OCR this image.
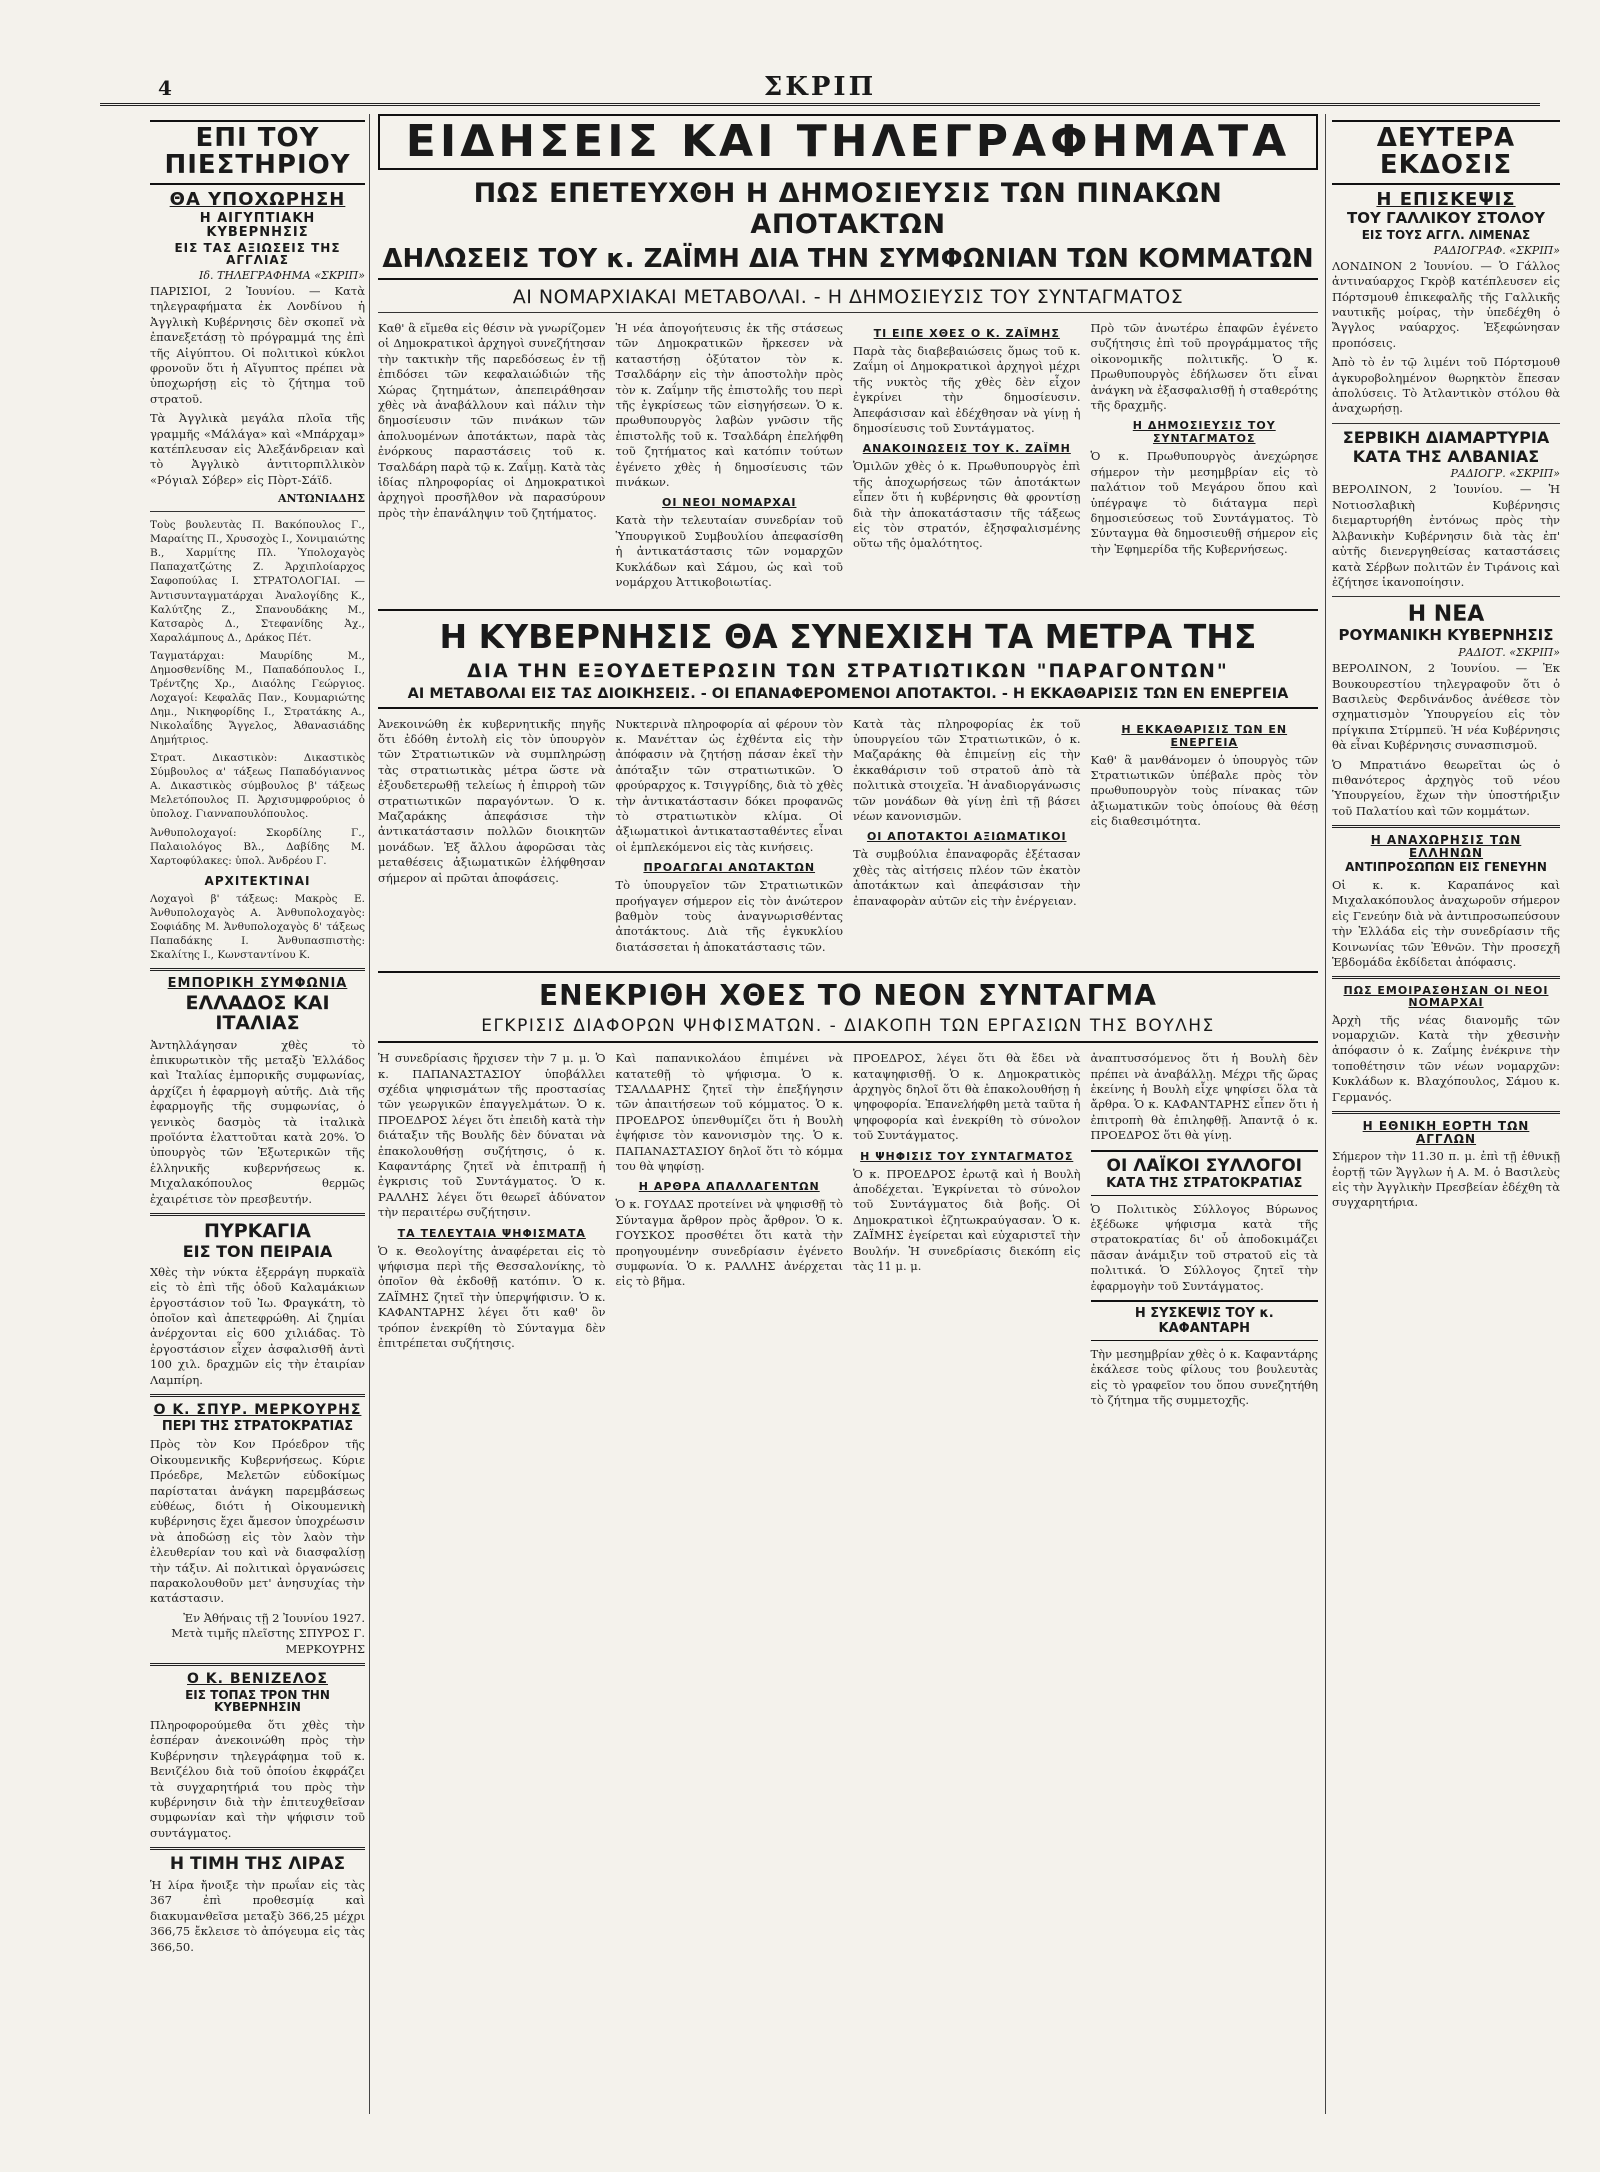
4	ΣΚΡΙΠ
ΕΠΙ ΤΟΥ ΠΙΕΣΤΗΡΙΟΥ
ΘΑ ΥΠΟΧΩΡΗΣΗ
Η ΑΙΓΥΠΤΙΑΚΗ ΚΥΒΕΡΝΗΣΙΣ
ΕΙΣ ΤΑΣ ΑΞΙΩΣΕΙΣ ΤΗΣ ΑΓΓΛΙΑΣ
Ιδ. ΤΗΛΕΓΡΑΦΗΜΑ «ΣΚΡΙΠ»

ΠΑΡΙΣΙΟΙ, 2 Ἰουνίου. — Κατὰ τηλεγραφήματα ἐκ Λονδίνου ἡ Ἀγγλικὴ Κυβέρνησις δὲν σκοπεῖ νὰ ἐπανεξετάσῃ τὸ πρόγραμμά της ἐπὶ τῆς Αἰγύπτου. Οἱ πολιτικοὶ κύκλοι φρονοῦν ὅτι ἡ Αἴγυπτος πρέπει νὰ ὑποχωρήσῃ εἰς τὸ ζήτημα τοῦ στρατοῦ.

Τὰ Ἀγγλικὰ μεγάλα πλοῖα τῆς γραμμῆς «Μάλάγα» καὶ «Μπάρχαμ» κατέπλευσαν εἰς Ἀλεξάνδρειαν καὶ τὸ Ἀγγλικὸ ἀντιτορπιλλικὸν «Ρόγιαλ Σόβερ» εἰς Πὸρτ-Σάϊδ.

ΑΝΤΩΝΙΑΔΗΣ

Τοὺς βουλευτὰς Π. Βακόπουλος Γ., Μαραίτης Π., Χρυσοχὸς Ι., Χονιμαιώτης Β., Χαρμίτης Πλ. Ὑπολοχαγὸς Παπαχατζώτης Ζ. Ἀρχιπλοίαρχος Σαφοπούλας Ι. ΣΤΡΑΤΟΛΟΓΙΑΙ. — Ἀντισυνταγματάρχαι Ἀναλογίδης Κ., Καλύτζης Ζ., Σπανουδάκης Μ., Κατσαρὸς Δ., Στεφανίδης Ἀχ., Χαραλάμπους Δ., Δράκος Πέτ.

Ταγματάρχαι: Μαυρίδης Μ., Δημοσθενίδης Μ., Παπαδόπουλος Ι., Τρέντζης Χρ., Διαόλης Γεώργιος. Λοχαγοί: Κεφαλᾶς Παν., Κουμαριώτης Δημ., Νικηφορίδης Ι., Στρατάκης Α., Νικολαΐδης Ἄγγελος, Ἀθανασιάδης Δημήτριος.

Στρατ. Δικαστικὸν: Δικαστικὸς Σύμβουλος α' τάξεως Παπαδόγιαννος Α. Δικαστικὸς σύμβουλος β' τάξεως Μελετόπουλος Π. Ἀρχισυμφρούριος ὁ ὑπολοχ. Γιανναπουλόπουλος.

Ἀνθυπολοχαγοί: Σκορδίλης Γ., Παλαιολόγος Βλ., Δαβίδης Μ. Χαρτοφύλακες: ὑπολ. Ἀνδρέου Γ.

ΑΡΧΙΤΕΚΤΙΝΑΙ

Λοχαγοὶ β' τάξεως: Μακρὸς Ε. Ἀνθυπολοχαγὸς Α. Ἀνθυπολοχαγὸς: Σοφιάδης Μ. Ἀνθυπολοχαγὸς δ' τάξεως Παπαδάκης Ι. Ἀνθυπασπιστὴς: Σκαλίτης Ι., Κωνσταντίνου Κ.

ΕΜΠΟΡΙΚΗ ΣΥΜΦΩΝΙΑ
ΕΛΛΑΔΟΣ ΚΑΙ ΙΤΑΛΙΑΣ

Ἀντηλλάγησαν χθὲς τὸ ἐπικυρωτικὸν τῆς μεταξὺ Ἑλλάδος καὶ Ἰταλίας ἐμπορικῆς συμφωνίας, ἀρχίζει ἡ ἐφαρμογὴ αὐτῆς. Διὰ τῆς ἐφαρμογῆς τῆς συμφωνίας, ὁ γενικὸς δασμὸς τὰ ἰταλικὰ προϊόντα ἐλαττοῦται κατὰ 20%. Ὁ ὑπουργὸς τῶν Ἐξωτερικῶν τῆς ἑλληνικῆς κυβερνήσεως κ. Μιχαλακόπουλος θερμῶς ἐχαιρέτισε τὸν πρεσβευτήν.

ΠΥΡΚΑΓΙΑ
ΕΙΣ ΤΟΝ ΠΕΙΡΑΙΑ

Χθὲς τὴν νύκτα ἐξερράγη πυρκαϊὰ εἰς τὸ ἐπὶ τῆς ὁδοῦ Καλαμάκιων ἐργοστάσιον τοῦ Ἰω. Φραγκάτη, τὸ ὁποῖον καὶ ἀπετεφρώθη. Αἱ ζημίαι ἀνέρχονται εἰς 600 χιλιάδας. Τὸ ἐργοστάσιον εἶχεν ἀσφαλισθῆ ἀντὶ 100 χιλ. δραχμῶν εἰς τὴν ἐταιρίαν Λαμπίρη.

Ο Κ. ΣΠΥΡ. ΜΕΡΚΟΥΡΗΣ
ΠΕΡΙ ΤΗΣ ΣΤΡΑΤΟΚΡΑΤΙΑΣ

Πρὸς τὸν Κον Πρόεδρον τῆς Οἰκουμενικῆς Κυβερνήσεως. Κύριε Πρόεδρε, Μελετῶν εὐδοκίμως παρίσταται ἀνάγκη παρεμβάσεως εὐθέως, διότι ἡ Οἰκουμενικὴ κυβέρνησις ἔχει ἄμεσον ὑποχρέωσιν νὰ ἀποδώσῃ εἰς τὸν λαὸν τὴν ἐλευθερίαν του καὶ νὰ διασφαλίσῃ τὴν τάξιν. Αἱ πολιτικαὶ ὀργανώσεις παρακολουθοῦν μετ' ἀνησυχίας τὴν κατάστασιν.

Ἐν Ἀθήναις τῇ 2 Ἰουνίου 1927. Μετὰ τιμῆς πλεῖστης ΣΠΥΡΟΣ Γ. ΜΕΡΚΟΥΡΗΣ

Ο Κ. ΒΕΝΙΖΕΛΟΣ
ΕΙΣ ΤΟΠΑΣ ΤΡΟΝ ΤΗΝ ΚΥΒΕΡΝΗΣΙΝ

Πληροφορούμεθα ὅτι χθὲς τὴν ἑσπέραν ἀνεκοινώθη πρὸς τὴν Κυβέρνησιν τηλεγράφημα τοῦ κ. Βενιζέλου διὰ τοῦ ὁποίου ἐκφράζει τὰ συγχαρητήριά του πρὸς τὴν κυβέρνησιν διὰ τὴν ἐπιτευχθεῖσαν συμφωνίαν καὶ τὴν ψήφισιν τοῦ συντάγματος.

Η ΤΙΜΗ ΤΗΣ ΛΙΡΑΣ

Ἡ λίρα ἤνοιξε τὴν πρωΐαν εἰς τὰς 367 ἐπὶ προθεσμίᾳ καὶ διακυμανθεῖσα μεταξὺ 366,25 μέχρι 366,75 ἔκλεισε τὸ ἀπόγευμα εἰς τὰς 366,50.

ΕΙΔΗΣΕΙΣ ΚΑΙ ΤΗΛΕΓΡΑΦΗΜΑΤΑ
ΠΩΣ ΕΠΕΤΕΥΧΘΗ Η ΔΗΜΟΣΙΕΥΣΙΣ ΤΩΝ ΠΙΝΑΚΩΝ ΑΠΟΤΑΚΤΩΝ
ΔΗΛΩΣΕΙΣ ΤΟΥ κ. ΖΑΪΜΗ ΔΙΑ ΤΗΝ ΣΥΜΦΩΝΙΑΝ ΤΩΝ ΚΟΜΜΑΤΩΝ
ΑΙ ΝΟΜΑΡΧΙΑΚΑΙ ΜΕΤΑΒΟΛΑΙ. - Η ΔΗΜΟΣΙΕΥΣΙΣ ΤΟΥ ΣΥΝΤΑΓΜΑΤΟΣ

Καθ' ἃ εἴμεθα εἰς θέσιν νὰ γνωρίζομεν οἱ Δημοκρατικοὶ ἀρχηγοὶ συνεζήτησαν τὴν τακτικὴν τῆς παρεδόσεως ἐν τῇ ἐπιδόσει τῶν κεφαλαιώδιών τῆς Χώρας ζητημάτων, ἀπεπειράθησαν χθὲς νὰ ἀναβάλλουν καὶ πάλιν τὴν δημοσίευσιν τῶν πινάκων τῶν ἀπολυομένων ἀποτάκτων, παρὰ τὰς ἐνόρκους παραστάσεις τοῦ κ. Τσαλδάρη παρὰ τῷ κ. Ζαΐμῃ. Κατὰ τὰς ἰδίας πληροφορίας οἱ Δημοκρατικοὶ ἀρχηγοὶ προσῆλθον νὰ παρασύρουν πρὸς τὴν ἐπανάληψιν τοῦ ζητήματος.

Ἡ νέα ἀπογοήτευσις ἐκ τῆς στάσεως τῶν Δημοκρατικῶν ἤρκεσεν νὰ καταστήσῃ ὀξύτατον τὸν κ. Τσαλδάρην εἰς τὴν ἀποστολὴν πρὸς τὸν κ. Ζαΐμην τῆς ἐπιστολῆς του περὶ τῆς ἐγκρίσεως τῶν εἰσηγήσεων. Ὁ κ. πρωθυπουργὸς λαβὼν γνῶσιν τῆς ἐπιστολῆς τοῦ κ. Τσαλδάρη ἐπελήφθη τοῦ ζητήματος καὶ κατόπιν τούτων ἐγένετο χθὲς ἡ δημοσίευσις τῶν πινάκων.

ΟΙ ΝΕΟΙ ΝΟΜΑΡΧΑΙ

Κατὰ τὴν τελευταίαν συνεδρίαν τοῦ Ὑπουργικοῦ Συμβουλίου ἀπεφασίσθη ἡ ἀντικατάστασις τῶν νομαρχῶν Κυκλάδων καὶ Σάμου, ὡς καὶ τοῦ νομάρχου Ἀττικοβοιωτίας.

ΤΙ ΕΙΠΕ ΧΘΕΣ Ο Κ. ΖΑΪΜΗΣ

Παρὰ τὰς διαβεβαιώσεις ὅμως τοῦ κ. Ζαΐμη οἱ Δημοκρατικοὶ ἀρχηγοὶ μέχρι τῆς νυκτὸς τῆς χθὲς δὲν εἶχον ἐγκρίνει τὴν δημοσίευσιν. Ἀπεφάσισαν καὶ ἐδέχθησαν νὰ γίνῃ ἡ δημοσίευσις τοῦ Συντάγματος.

ΑΝΑΚΟΙΝΩΣΕΙΣ ΤΟΥ Κ. ΖΑΪΜΗ

Ὁμιλῶν χθὲς ὁ κ. Πρωθυπουργὸς ἐπὶ τῆς ἀποχωρήσεως τῶν ἀποτάκτων εἶπεν ὅτι ἡ κυβέρνησις θὰ φροντίσῃ διὰ τὴν ἀποκατάστασιν τῆς τάξεως εἰς τὸν στρατόν, ἐξησφαλισμένης οὕτω τῆς ὁμαλότητος.

Πρὸ τῶν ἀνωτέρω ἐπαφῶν ἐγένετο συζήτησις ἐπὶ τοῦ προγράμματος τῆς οἰκονομικῆς πολιτικῆς. Ὁ κ. Πρωθυπουργὸς ἐδήλωσεν ὅτι εἶναι ἀνάγκη νὰ ἐξασφαλισθῇ ἡ σταθερότης τῆς δραχμῆς.

Η ΔΗΜΟΣΙΕΥΣΙΣ ΤΟΥ ΣΥΝΤΑΓΜΑΤΟΣ

Ὁ κ. Πρωθυπουργὸς ἀνεχώρησε σήμερον τὴν μεσημβρίαν εἰς τὸ παλάτιον τοῦ Μεγάρου ὅπου καὶ ὑπέγραψε τὸ διάταγμα περὶ δημοσιεύσεως τοῦ Συντάγματος. Τὸ Σύνταγμα θὰ δημοσιευθῇ σήμερον εἰς τὴν Ἐφημερίδα τῆς Κυβερνήσεως.

Η ΚΥΒΕΡΝΗΣΙΣ ΘΑ ΣΥΝΕΧΙΣΗ ΤΑ ΜΕΤΡΑ ΤΗΣ
ΔΙΑ ΤΗΝ ΕΞΟΥΔΕΤΕΡΩΣΙΝ ΤΩΝ ΣΤΡΑΤΙΩΤΙΚΩΝ "ΠΑΡΑΓΟΝΤΩΝ"
ΑΙ ΜΕΤΑΒΟΛΑΙ ΕΙΣ ΤΑΣ ΔΙΟΙΚΗΣΕΙΣ. - ΟΙ ΕΠΑΝΑΦΕΡΟΜΕΝΟΙ ΑΠΟΤΑΚΤΟΙ. - Η ΕΚΚΑΘΑΡΙΣΙΣ ΤΩΝ ΕΝ ΕΝΕΡΓΕΙΑ

Ἀνεκοινώθη ἐκ κυβερνητικῆς πηγῆς ὅτι ἐδόθη ἐντολὴ εἰς τὸν ὑπουργὸν τῶν Στρατιωτικῶν νὰ συμπληρώσῃ τὰς στρατιωτικὰς μέτρα ὥστε νὰ ἐξουδετερωθῇ τελείως ἡ ἐπιρροὴ τῶν στρατιωτικῶν παραγόντων. Ὁ κ. Μαζαράκης ἀπεφάσισε τὴν ἀντικατάστασιν πολλῶν διοικητῶν μονάδων. Ἐξ ἄλλου ἀφορῶσαι τὰς μεταθέσεις ἀξιωματικῶν ἐλήφθησαν σήμερον αἱ πρῶται ἀποφάσεις.

Νυκτερινὰ πληροφορία αἱ φέρουν τὸν κ. Μανέτταν ὡς ἐχθέντα εἰς τὴν ἀπόφασιν νὰ ζητήσῃ πάσαν ἐκεῖ τὴν ἀπόταξιν τῶν στρατιωτικῶν. Ὁ φρούραρχος κ. Τσιγγρίδης, διὰ τὸ χθὲς τὴν ἀντικατάστασιν δόκει προφανῶς τὸ στρατιωτικὸν κλίμα. Οἱ ἀξιωματικοὶ ἀντικατασταθέντες εἶναι οἱ ἐμπλεκόμενοι εἰς τὰς κινήσεις.

ΠΡΟΑΓΩΓΑΙ ΑΝΩΤΑΚΤΩΝ

Τὸ ὑπουργεῖον τῶν Στρατιωτικῶν προήγαγεν σήμερον εἰς τὸν ἀνώτερον βαθμὸν τοὺς ἀναγνωρισθέντας ἀποτάκτους. Διὰ τῆς ἐγκυκλίου διατάσσεται ἡ ἀποκατάστασις τῶν.

Κατὰ τὰς πληροφορίας ἐκ τοῦ ὑπουργείου τῶν Στρατιωτικῶν, ὁ κ. Μαζαράκης θὰ ἐπιμείνῃ εἰς τὴν ἐκκαθάρισιν τοῦ στρατοῦ ἀπὸ τὰ πολιτικὰ στοιχεῖα. Ἡ ἀναδιοργάνωσις τῶν μονάδων θὰ γίνῃ ἐπὶ τῇ βάσει νέων κανονισμῶν.

ΟΙ ΑΠΟΤΑΚΤΟΙ ΑΞΙΩΜΑΤΙΚΟΙ

Τὰ συμβούλια ἐπαναφορᾶς ἐξέτασαν χθὲς τὰς αἰτήσεις πλέον τῶν ἑκατὸν ἀποτάκτων καὶ ἀπεφάσισαν τὴν ἐπαναφορὰν αὐτῶν εἰς τὴν ἐνέργειαν.

Η ΕΚΚΑΘΑΡΙΣΙΣ ΤΩΝ ΕΝ ΕΝΕΡΓΕΙΑ

Καθ' ἃ μανθάνομεν ὁ ὑπουργὸς τῶν Στρατιωτικῶν ὑπέβαλε πρὸς τὸν πρωθυπουργὸν τοὺς πίνακας τῶν ἀξιωματικῶν τοὺς ὁποίους θὰ θέσῃ εἰς διαθεσιμότητα.

ΕΝΕΚΡΙΘΗ ΧΘΕΣ ΤΟ ΝΕΟΝ ΣΥΝΤΑΓΜΑ
ΕΓΚΡΙΣΙΣ ΔΙΑΦΟΡΩΝ ΨΗΦΙΣΜΑΤΩΝ. - ΔΙΑΚΟΠΗ ΤΩΝ ΕΡΓΑΣΙΩΝ ΤΗΣ ΒΟΥΛΗΣ

Ἡ συνεδρίασις ἤρχισεν τὴν 7 μ. μ. Ὁ κ. ΠΑΠΑΝΑΣΤΑΣΙΟΥ ὑποβάλλει σχέδια ψηφισμάτων τῆς προστασίας τῶν γεωργικῶν ἐπαγγελμάτων. Ὁ κ. ΠΡΟΕΔΡΟΣ λέγει ὅτι ἐπειδὴ κατὰ τὴν διάταξιν τῆς Βουλῆς δὲν δύναται νὰ ἐπακολουθήσῃ συζήτησις, ὁ κ. Καφαντάρης ζητεῖ νὰ ἐπιτραπῇ ἡ ἐγκρισις τοῦ Συντάγματος. Ὁ κ. ΡΑΛΛΗΣ λέγει ὅτι θεωρεῖ ἀδύνατον τὴν περαιτέρω συζήτησιν.

ΤΑ ΤΕΛΕΥΤΑΙΑ ΨΗΦΙΣΜΑΤΑ

Ὁ κ. Θεολογίτης ἀναφέρεται εἰς τὸ ψήφισμα περὶ τῆς Θεσσαλονίκης, τὸ ὁποῖον θὰ ἐκδοθῇ κατόπιν. Ὁ κ. ΖΑΪΜΗΣ ζητεῖ τὴν ὑπερψήφισιν. Ὁ κ. ΚΑΦΑΝΤΑΡΗΣ λέγει ὅτι καθ' ὃν τρόπον ἐνεκρίθη τὸ Σύνταγμα δὲν ἐπιτρέπεται συζήτησις.

Καὶ παπανικολάου ἐπιμένει νὰ κατατεθῇ τὸ ψήφισμα. Ὁ κ. ΤΣΑΛΔΑΡΗΣ ζητεῖ τὴν ἐπεξήγησιν τῶν ἀπαιτήσεων τοῦ κόμματος. Ὁ κ. ΠΡΟΕΔΡΟΣ ὑπενθυμίζει ὅτι ἡ Βουλὴ ἐψήφισε τὸν κανονισμὸν της. Ὁ κ. ΠΑΠΑΝΑΣΤΑΣΙΟΥ δηλοῖ ὅτι τὸ κόμμα του θὰ ψηφίσῃ.

Η ΑΡΘΡΑ ΑΠΑΛΛΑΓΕΝΤΩΝ

Ὁ κ. ΓΟΥΔΑΣ προτείνει νὰ ψηφισθῇ τὸ Σύνταγμα ἄρθρον πρὸς ἄρθρον. Ὁ κ. ΓΟΥΣΚΟΣ προσθέτει ὅτι κατὰ τὴν προηγουμένην συνεδρίασιν ἐγένετο συμφωνία. Ὁ κ. ΡΑΛΛΗΣ ἀνέρχεται εἰς τὸ βῆμα.

ΠΡΟΕΔΡΟΣ, λέγει ὅτι θὰ ἔδει νὰ καταψηφισθῇ. Ὁ κ. Δημοκρατικὸς ἀρχηγὸς δηλοῖ ὅτι θὰ ἐπακολουθήσῃ ἡ ψηφοφορία. Ἐπανελήφθη μετὰ ταῦτα ἡ ψηφοφορία καὶ ἐνεκρίθη τὸ σύνολον τοῦ Συντάγματος.

Η ΨΗΦΙΣΙΣ ΤΟΥ ΣΥΝΤΑΓΜΑΤΟΣ

Ὁ κ. ΠΡΟΕΔΡΟΣ ἐρωτᾷ καὶ ἡ Βουλὴ ἀποδέχεται. Ἐγκρίνεται τὸ σύνολον τοῦ Συντάγματος διὰ βοῆς. Οἱ Δημοκρατικοὶ ἐζητωκραύγασαν. Ὁ κ. ΖΑΪΜΗΣ ἐγείρεται καὶ εὐχαριστεῖ τὴν Βουλήν. Ἡ συνεδρίασις διεκόπη εἰς τὰς 11 μ. μ.

ἀναπτυσσόμενος ὅτι ἡ Βουλὴ δὲν πρέπει νὰ ἀναβάλλῃ. Μέχρι τῆς ὥρας ἐκείνης ἡ Βουλὴ εἶχε ψηφίσει ὅλα τὰ ἄρθρα. Ὁ κ. ΚΑΦΑΝΤΑΡΗΣ εἶπεν ὅτι ἡ ἐπιτροπὴ θὰ ἐπιληφθῇ. Ἀπαντᾷ ὁ κ. ΠΡΟΕΔΡΟΣ ὅτι θὰ γίνῃ.

ΟΙ ΛΑΪΚΟΙ ΣΥΛΛΟΓΟΙ
ΚΑΤΑ ΤΗΣ ΣΤΡΑΤΟΚΡΑΤΙΑΣ

Ὁ Πολιτικὸς Σύλλογος Βύρωνος ἐξέδωκε ψήφισμα κατὰ τῆς στρατοκρατίας δι' οὗ ἀποδοκιμάζει πᾶσαν ἀνάμιξιν τοῦ στρατοῦ εἰς τὰ πολιτικά. Ὁ Σύλλογος ζητεῖ τὴν ἐφαρμογὴν τοῦ Συντάγματος.

Η ΣΥΣΚΕΨΙΣ ΤΟΥ κ. ΚΑΦΑΝΤΑΡΗ

Τὴν μεσημβρίαν χθὲς ὁ κ. Καφαντάρης ἐκάλεσε τοὺς φίλους του βουλευτὰς εἰς τὸ γραφεῖον του ὅπου συνεζητήθη τὸ ζήτημα τῆς συμμετοχῆς.

ΔΕΥΤΕΡΑ ΕΚΔΟΣΙΣ
Η ΕΠΙΣΚΕΨΙΣ
ΤΟΥ ΓΑΛΛΙΚΟΥ ΣΤΟΛΟΥ
ΕΙΣ ΤΟΥΣ ΑΓΓΛ. ΛΙΜΕΝΑΣ
ΡΑΔΙΟΓΡΑΦ. «ΣΚΡΙΠ»

ΛΟΝΔΙΝΟΝ 2 Ἰουνίου. — Ὁ Γάλλος ἀντιναύαρχος Γκρὸβ κατέπλευσεν εἰς Πόρτσμουθ ἐπικεφαλῆς τῆς Γαλλικῆς ναυτικῆς μοίρας, τὴν ὑπεδέχθη ὁ Ἄγγλος ναύαρχος. Ἐξεφώνησαν προπόσεις.

Ἀπὸ τὸ ἐν τῷ λιμένι τοῦ Πόρτσμουθ ἀγκυροβολημένον θωρηκτὸν ἔπεσαν ἀπολύσεις. Τὸ Ἀτλαντικὸν στόλου θὰ ἀναχωρήσῃ.

ΣΕΡΒΙΚΗ ΔΙΑΜΑΡΤΥΡΙΑ
ΚΑΤΑ ΤΗΣ ΑΛΒΑΝΙΑΣ
ΡΑΔΙΟΓΡ. «ΣΚΡΙΠ»

ΒΕΡΟΛΙΝΟΝ, 2 Ἰουνίου. — Ἡ Νοτιοσλαβικὴ Κυβέρνησις διεμαρτυρήθη ἐντόνως πρὸς τὴν Ἀλβανικὴν Κυβέρνησιν διὰ τὰς ἐπ' αὐτῆς διενεργηθείσας καταστάσεις κατὰ Σέρβων πολιτῶν ἐν Τιράνοις καὶ ἐζήτησε ἱκανοποίησιν.

Η ΝΕΑ
ΡΟΥΜΑΝΙΚΗ ΚΥΒΕΡΝΗΣΙΣ
ΡΑΔΙΟΤ. «ΣΚΡΙΠ»

ΒΕΡΟΛΙΝΟΝ, 2 Ἰουνίου. — Ἐκ Βουκουρεστίου τηλεγραφοῦν ὅτι ὁ Βασιλεὺς Φερδινάνδος ἀνέθεσε τὸν σχηματισμὸν Ὑπουργείου εἰς τὸν πρίγκιπα Στίρμπεϋ. Ἡ νέα Κυβέρνησις θὰ εἶναι Κυβέρνησις συνασπισμοῦ.

Ὁ Μπρατιάνο θεωρεῖται ὡς ὁ πιθανότερος ἀρχηγὸς τοῦ νέου Ὑπουργείου, ἔχων τὴν ὑποστήριξιν τοῦ Παλατίου καὶ τῶν κομμάτων.

Η ΑΝΑΧΩΡΗΣΙΣ ΤΩΝ ΕΛΛΗΝΩΝ
ΑΝΤΙΠΡΟΣΩΠΩΝ ΕΙΣ ΓΕΝΕΥΗΝ

Οἱ κ. κ. Καραπάνος καὶ Μιχαλακόπουλος ἀναχωροῦν σήμερον εἰς Γενεύην διὰ νὰ ἀντιπροσωπεύσουν τὴν Ἑλλάδα εἰς τὴν συνεδρίασιν τῆς Κοινωνίας τῶν Ἐθνῶν. Τὴν προσεχῆ Ἑβδομάδα ἐκδίδεται ἀπόφασις.

ΠΩΣ ΕΜΟΙΡΑΣΘΗΣΑΝ ΟΙ ΝΕΟΙ ΝΟΜΑΡΧΑΙ

Ἀρχὴ τῆς νέας διανομῆς τῶν νομαρχιῶν. Κατὰ τὴν χθεσινὴν ἀπόφασιν ὁ κ. Ζαΐμης ἐνέκρινε τὴν τοποθέτησιν τῶν νέων νομαρχῶν: Κυκλάδων κ. Βλαχόπουλος, Σάμου κ. Γερμανός.

Η ΕΘΝΙΚΗ ΕΟΡΤΗ ΤΩΝ ΑΓΓΛΩΝ

Σήμερον τὴν 11.30 π. μ. ἐπὶ τῇ ἐθνικῇ ἑορτῇ τῶν Ἄγγλων ἡ Α. Μ. ὁ Βασιλεὺς εἰς τὴν Ἀγγλικὴν Πρεσβείαν ἐδέχθη τὰ συγχαρητήρια.
